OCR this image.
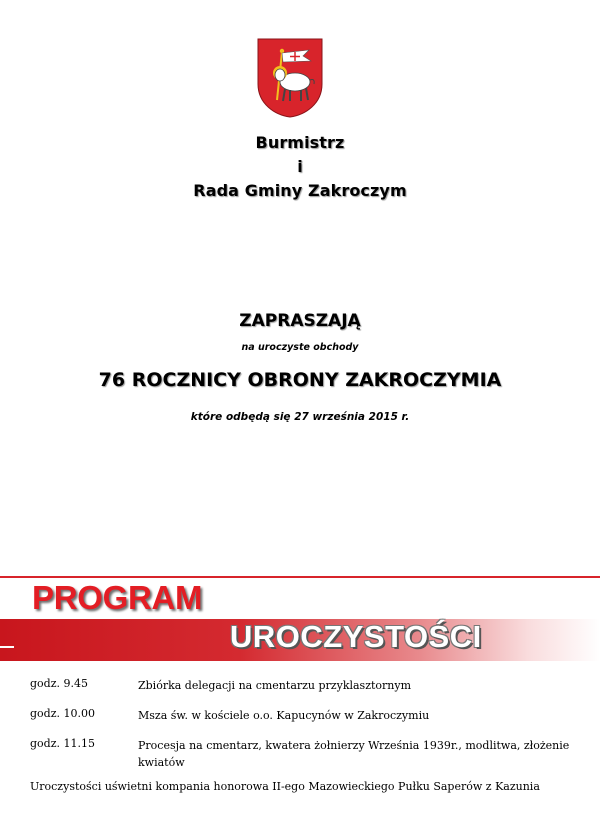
Burmistrz
i
Rada Gminy Zakroczym
ZAPRASZAJĄ
na uroczyste obchody
76 ROCZNICY OBRONY ZAKROCZYMIA
które odbędą się 27 września 2015 r.
PROGRAM
UROCZYSTOŚCI
godz. 9.45	Zbiórka delegacji na cmentarzu przyklasztornym
godz. 10.00	Msza św. w kościele o.o. Kapucynów w Zakroczymiu
godz. 11.15	Procesja na cmentarz, kwatera żołnierzy Września 1939r., modlitwa, złożenie kwiatów
Uroczystości uświetni kompania honorowa II-ego Mazowieckiego Pułku Saperów z Kazunia
